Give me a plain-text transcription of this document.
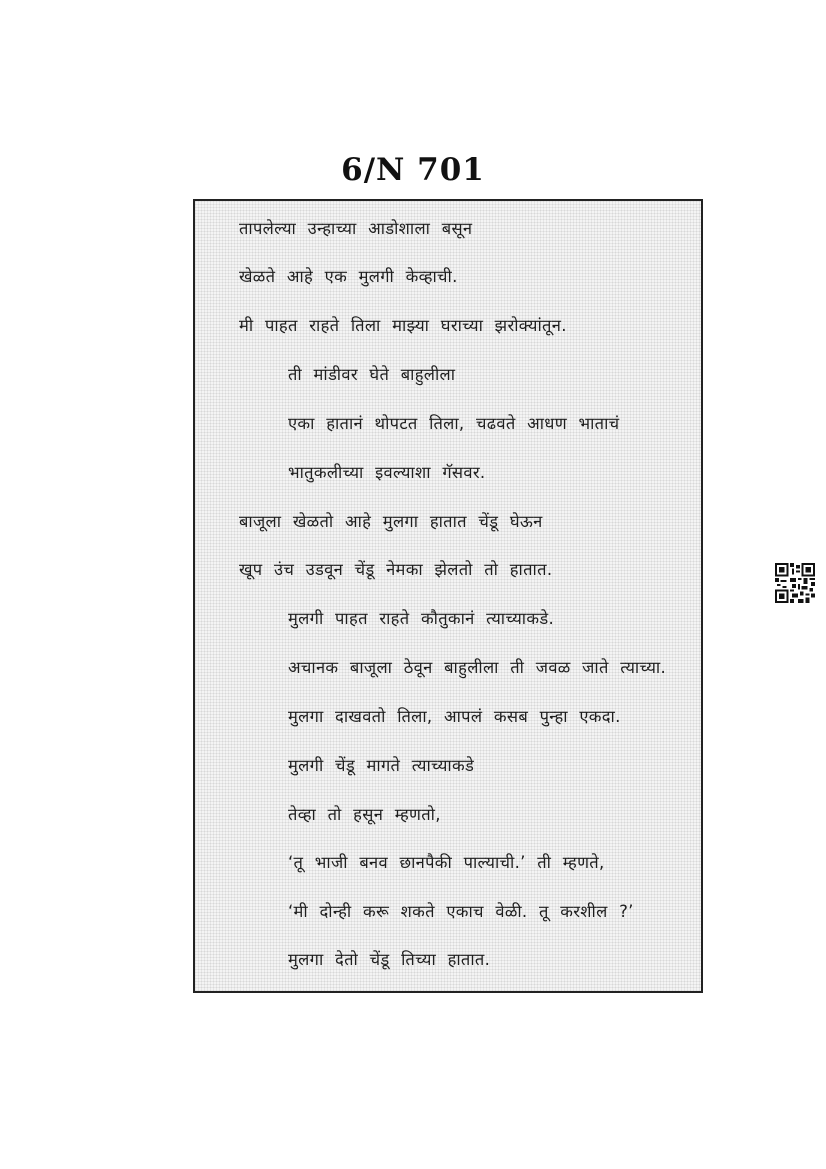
6/N 701
तापलेल्या उन्हाच्या आडोशाला बसून
खेळते आहे एक मुलगी केव्हाची.
मी पाहत राहते तिला माझ्या घराच्या झरोक्यांतून.
ती मांडीवर घेते बाहुलीला
एका हातानं थोपटत तिला, चढवते आधण भाताचं
भातुकलीच्या इवल्याशा गॅसवर.
बाजूला खेळतो आहे मुलगा हातात चेंडू घेऊन
खूप उंच उडवून चेंडू नेमका झेलतो तो हातात.
मुलगी पाहत राहते कौतुकानं त्याच्याकडे.
अचानक बाजूला ठेवून बाहुलीला ती जवळ जाते त्याच्या.
मुलगा दाखवतो तिला, आपलं कसब पुन्हा एकदा.
मुलगी चेंडू मागते त्याच्याकडे
तेव्हा तो हसून म्हणतो,
‘तू भाजी बनव छानपैकी पाल्याची.’ ती म्हणते,
‘मी दोन्ही करू शकते एकाच वेळी. तू करशील ?’
मुलगा देतो चेंडू तिच्या हातात.
